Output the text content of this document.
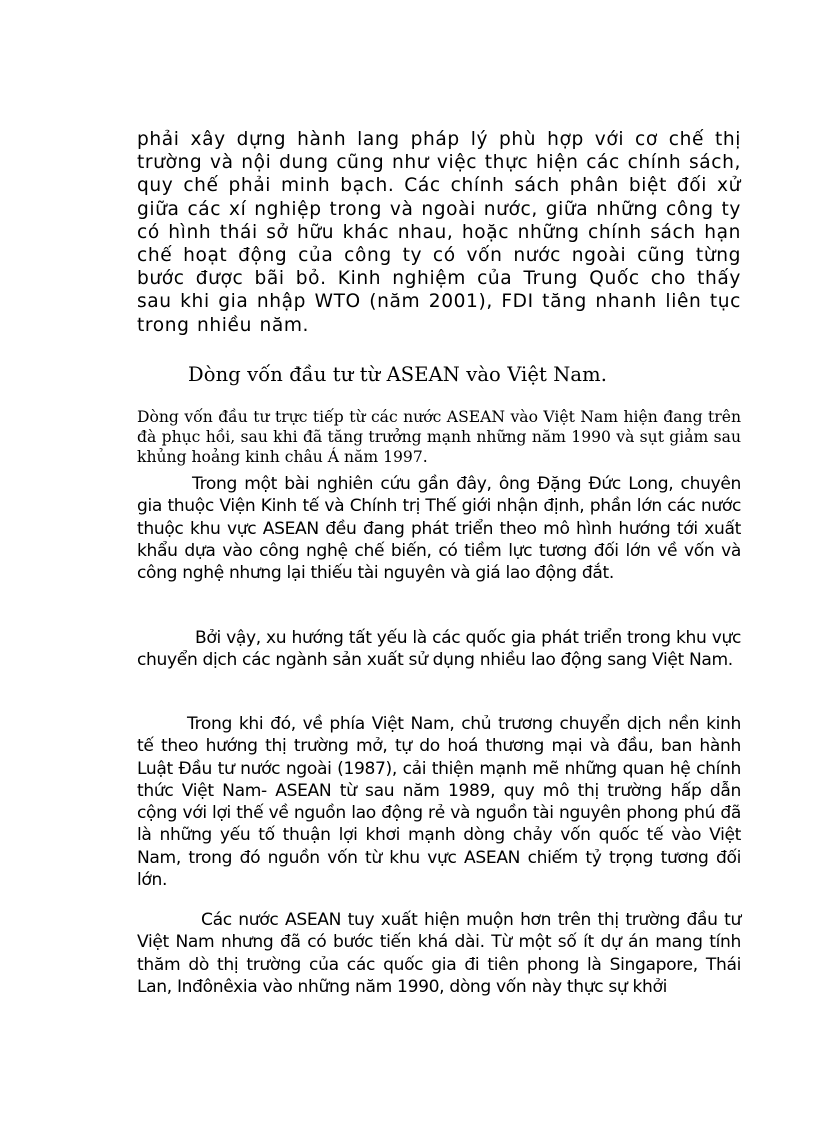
phải xây dựng hành lang pháp lý phù hợp với cơ chế thị trường và nội dung cũng như việc thực hiện các chính sách, quy chế phải minh bạch. Các chính sách phân biệt đối xử giữa các xí nghiệp trong và ngoài nước, giữa những công ty có hình thái sở hữu khác nhau, hoặc những chính sách hạn chế hoạt động của công ty có vốn nước ngoài cũng từng bước được bãi bỏ. Kinh nghiệm của Trung Quốc cho thấy sau khi gia nhập WTO (năm 2001), FDI tăng nhanh liên tục trong nhiều năm.

Dòng vốn đầu tư từ ASEAN vào Việt Nam.

Dòng vốn đầu tư trực tiếp từ các nước ASEAN vào Việt Nam hiện đang trên đà phục hồi, sau khi đã tăng trưởng mạnh những năm 1990 và sụt giảm sau khủng hoảng kinh châu Á năm 1997.

Trong một bài nghiên cứu gần đây, ông Đặng Đức Long, chuyên gia thuộc Viện Kinh tế và Chính trị Thế giới nhận định, phần lớn các nước thuộc khu vực ASEAN đều đang phát triển theo mô hình hướng tới xuất khẩu dựa vào công nghệ chế biến, có tiềm lực tương đối lớn về vốn và công nghệ nhưng lại thiếu tài nguyên và giá lao động đắt.

Bởi vậy, xu hướng tất yếu là các quốc gia phát triển trong khu vực chuyển dịch các ngành sản xuất sử dụng nhiều lao động sang Việt Nam.

Trong khi đó, về phía Việt Nam, chủ trương chuyển dịch nền kinh tế theo hướng thị trường mở, tự do hoá thương mại và đầu, ban hành Luật Đầu tư nước ngoài (1987), cải thiện mạnh mẽ những quan hệ chính thức Việt Nam- ASEAN từ sau năm 1989, quy mô thị trường hấp dẫn cộng với lợi thế về nguồn lao động rẻ và nguồn tài nguyên phong phú đã là những yếu tố thuận lợi khơi mạnh dòng chảy vốn quốc tế vào Việt Nam, trong đó nguồn vốn từ khu vực ASEAN chiếm tỷ trọng tương đối lớn.

Các nước ASEAN tuy xuất hiện muộn hơn trên thị trường đầu tư Việt Nam nhưng đã có bước tiến khá dài. Từ một số ít dự án mang tính thăm dò thị trường của các quốc gia đi tiên phong là Singapore, Thái Lan, Inđônêxia vào những năm 1990, dòng vốn này thực sự khởi
